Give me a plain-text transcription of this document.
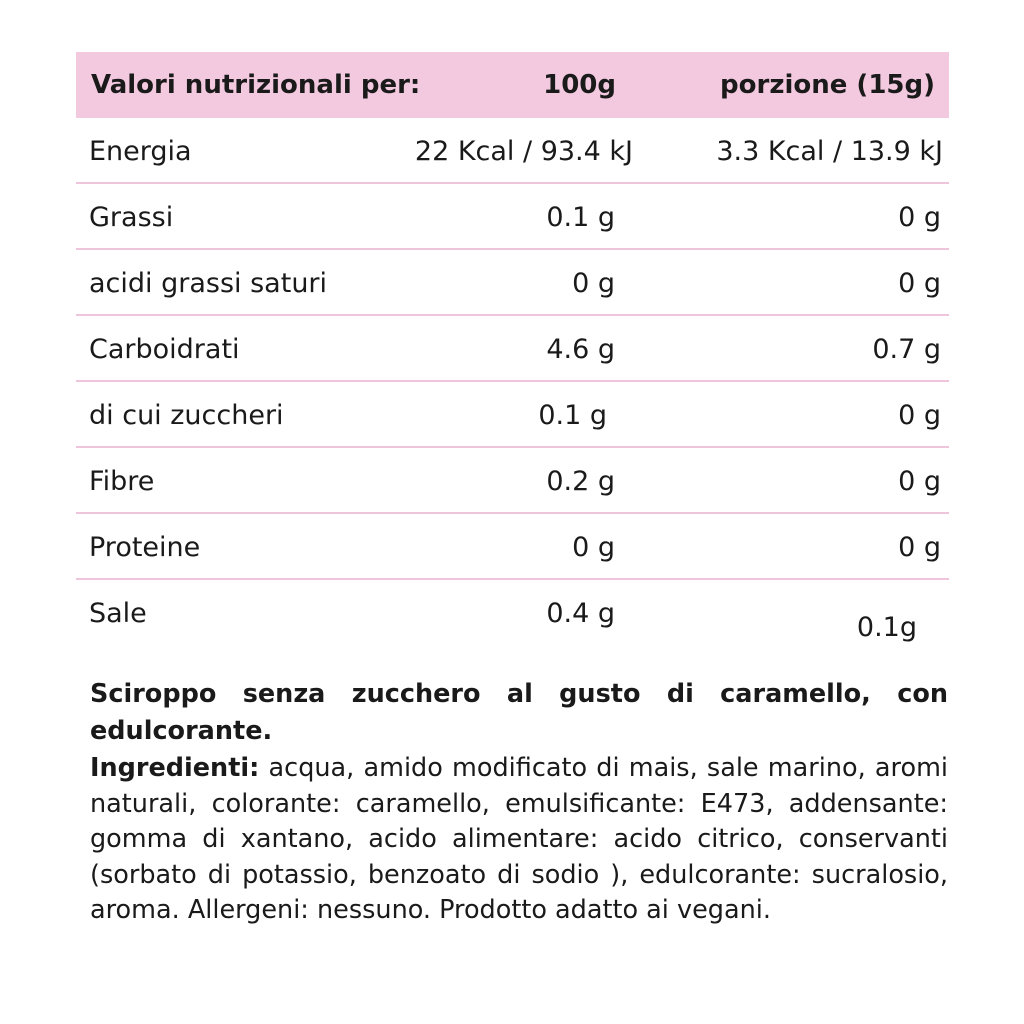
Valori nutrizionali per:	100g	porzione (15g)
Energia	22 Kcal / 93.4 kJ	3.3 Kcal / 13.9 kJ
Grassi	0.1 g	0 g
acidi grassi saturi	0 g	0 g
Carboidrati	4.6 g	0.7 g
di cui zuccheri	0.1 g	0 g
Fibre	0.2 g	0 g
Proteine	0 g	0 g
Sale	0.4 g	0.1g
Sciroppo senza zucchero al gusto di caramello, con edulcorante.
Ingredienti: acqua, amido modificato di mais, sale marino, aromi naturali, colorante: caramello, emulsificante: E473, addensante: gomma di xantano, acido alimentare: acido citrico, conservanti (sorbato di potassio, benzoato di sodio ), edulcorante: sucralosio, aroma. Allergeni: nessuno. Prodotto adatto ai vegani.
